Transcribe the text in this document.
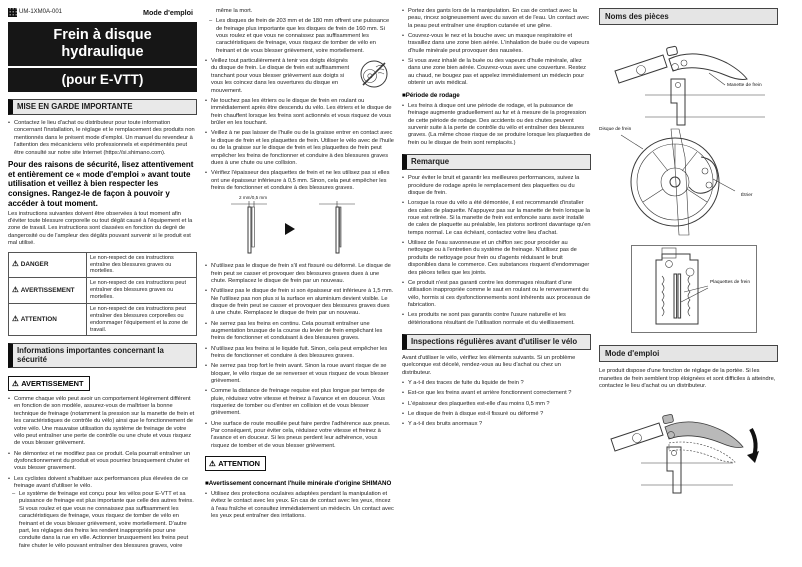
UM-1XM0A-001	Mode d'emploi
Frein à disque
hydraulique
(pour E-VTT)
MISE EN GARDE IMPORTANTE
• Contactez le lieu d'achat ou distributeur pour toute information concernant l'installation, le réglage et le remplacement des produits non mentionnés dans le présent mode d'emploi. Un manuel du revendeur à l'attention des mécaniciens vélo professionnels et expérimentés peut être consulté sur notre site Internet (https://si.shimano.com).
Pour des raisons de sécurité, lisez attentivement et entièrement ce « mode d'emploi » avant toute utilisation et veillez à bien respecter les consignes. Rangez-le de façon à pouvoir y accéder à tout moment.
Les instructions suivantes doivent être observées à tout moment afin d'éviter toute blessure corporelle ou tout dégât causé à l'équipement et la zone de travail. Les instructions sont classées en fonction du degré de dangerosité ou de l'ampleur des dégâts pouvant survenir si le produit est mal utilisé.
⚠ DANGER	Le non-respect de ces instructions entraîne des blessures graves ou mortelles.
⚠ AVERTISSEMENT	Le non-respect de ces instructions peut entraîner des blessures graves ou mortelles.
⚠ ATTENTION	Le non-respect de ces instructions peut entraîner des blessures corporelles ou endommager l'équipement et la zone de travail.
Informations importantes concernant la sécurité
⚠ AVERTISSEMENT
• Comme chaque vélo peut avoir un comportement légèrement différent en fonction de son modèle, assurez-vous de maîtriser la bonne technique de freinage (notamment la pression sur la manette de frein et les caractéristiques de contrôle du vélo) ainsi que le fonctionnement de votre vélo. Une mauvaise utilisation du système de freinage de votre vélo peut entraîner une perte de contrôle ou une chute et vous risquez de vous blesser grièvement.
• Ne démontez et ne modifiez pas ce produit. Cela pourrait entraîner un dysfonctionnement du produit et vous pourriez brusquement chuter et vous blesser gravement.
• Les cyclistes doivent s'habituer aux performances plus élevées de ce freinage avant d'utiliser le vélo.
– Le système de freinage est conçu pour les vélos pour E-VTT et sa puissance de freinage est plus importante que celle des autres freins. Si vous roulez et que vous ne connaissez pas suffisamment les caractéristiques de freinage, vous risquez de tomber de vélo en freinant et de vous blesser grièvement, voire mortellement. D'autre part, les réglages des freins les rendent inappropriés pour une conduite dans la rue en ville. Actionner brusquement les freins peut faire chuter le vélo pouvant entraîner des blessures graves, voire
même la mort.
– Les disques de frein de 203 mm et de 180 mm offrent une puissance de freinage plus importante que les disques de frein de 160 mm. Si vous roulez et que vous ne connaissez pas suffisamment les caractéristiques de freinage, vous risquez de tomber de vélo en freinant et de vous blesser grièvement, voire mortellement.
• Veillez tout particulièrement à tenir vos doigts éloignés du disque de frein. Le disque de frein est suffisamment tranchant pour vous blesser grièvement aux doigts si vous les coincez dans les ouvertures du disque en mouvement.
• Ne touchez pas les étriers ou le disque de frein en roulant ou immédiatement après être descendu du vélo. Les étriers et le disque de frein chauffent lorsque les freins sont actionnés et vous risquez de vous brûler en les touchant.
• Veillez à ne pas laisser de l'huile ou de la graisse entrer en contact avec le disque de frein et les plaquettes de frein. Utiliser le vélo avec de l'huile ou de la graisse sur le disque de frein et les plaquettes de frein peut empêcher les freins de fonctionner et conduire à des blessures graves dues à une chute ou une collision.
• Vérifiez l'épaisseur des plaquettes de frein et ne les utilisez pas si elles ont une épaisseur inférieure à 0,5 mm. Sinon, cela peut empêcher les freins de fonctionner et conduire à des blessures graves.
2 mm/0,5 mm
• N'utilisez pas le disque de frein s'il est fissuré ou déformé. Le disque de frein peut se casser et provoquer des blessures graves dues à une chute. Remplacez le disque de frein par un nouveau.
• N'utilisez pas le disque de frein si son épaisseur est inférieure à 1,5 mm. Ne l'utilisez pas non plus si la surface en aluminium devient visible. Le disque de frein peut se casser et provoquer des blessures graves dues à une chute. Remplacez le disque de frein par un nouveau.
• Ne serrez pas les freins en continu. Cela pourrait entraîner une augmentation brusque de la course du levier de frein empêchant les freins de fonctionner et conduisant à des blessures graves.
• N'utilisez pas les freins si le liquide fuit. Sinon, cela peut empêcher les freins de fonctionner et conduire à des blessures graves.
• Ne serrez pas trop fort le frein avant. Sinon la roue avant risque de se bloquer, le vélo risque de se renverser et vous risquez de vous blesser grièvement.
• Comme la distance de freinage requise est plus longue par temps de pluie, réduisez votre vitesse et freinez à l'avance et en douceur. Vous risqueriez de tomber ou d'entrer en collision et de vous blesser grièvement.
• Une surface de route mouillée peut faire perdre l'adhérence aux pneus. Par conséquent, pour éviter cela, réduisez votre vitesse et freinez à l'avance et en douceur. Si les pneus perdent leur adhérence, vous risquez de tomber et de vous blesser grièvement.
⚠ ATTENTION
■Avertissement concernant l'huile minérale d'origine SHIMANO
• Utilisez des protections oculaires adaptées pendant la manipulation et évitez le contact avec les yeux. En cas de contact avec les yeux, rincez à l'eau fraîche et consultez immédiatement un médecin. Un contact avec les yeux peut entraîner des irritations.
• Portez des gants lors de la manipulation. En cas de contact avec la peau, rincez soigneusement avec du savon et de l'eau. Un contact avec la peau peut entraîner une éruption cutanée et une gêne.
• Couvrez-vous le nez et la bouche avec un masque respiratoire et travaillez dans une zone bien aérée. L'inhalation de buée ou de vapeurs d'huile minérale peut provoquer des nausées.
• Si vous avez inhalé de la buée ou des vapeurs d'huile minérale, allez dans une zone bien aérée. Couvrez-vous avec une couverture. Restez au chaud, ne bougez pas et appelez immédiatement un médecin pour obtenir un avis médical.
■Période de rodage
• Les freins à disque ont une période de rodage, et la puissance de freinage augmente graduellement au fur et à mesure de la progression de cette période de rodage. Des accidents ou des chutes peuvent survenir suite à la perte de contrôle du vélo et entraîner des blessures graves. (La même chose risque de se produire lorsque les plaquettes de frein ou le disque de frein sont remplacés.)
Remarque
• Pour éviter le bruit et garantir les meilleures performances, suivez la procédure de rodage après le remplacement des plaquettes ou du disque de frein.
• Lorsque la roue du vélo a été démontée, il est recommandé d'installer des cales de plaquette. N'appuyez pas sur la manette de frein lorsque la roue est retirée. Si la manette de frein est enfoncée sans avoir installé de cales de plaquette au préalable, les pistons sortiront davantage qu'en temps normal. Le cas échéant, contactez votre lieu d'achat.
• Utilisez de l'eau savonneuse et un chiffon sec pour procéder au nettoyage ou à l'entretien du système de freinage. N'utilisez pas de produits de nettoyage pour frein ou d'agents réduisant le bruit disponibles dans le commerce. Ces substances risquent d'endommager des pièces telles que les joints.
• Ce produit n'est pas garanti contre les dommages résultant d'une utilisation inappropriée comme le saut en roulant ou le renversement du vélo, hormis si ces dysfonctionnements sont inhérents aux processus de fabrication.
• Les produits ne sont pas garantis contre l'usure naturelle et les détériorations résultant de l'utilisation normale et du vieillissement.
Inspections régulières avant d'utiliser le vélo
Avant d'utiliser le vélo, vérifiez les éléments suivants. Si un problème quelconque est décelé, rendez-vous au lieu d'achat ou chez un distributeur.
• Y a-t-il des traces de fuite du liquide de frein ?
• Est-ce que les freins avant et arrière fonctionnent correctement ?
• L'épaisseur des plaquettes est-elle d'au moins 0,5 mm ?
• Le disque de frein à disque est-il fissuré ou déformé ?
• Y a-t-il des bruits anormaux ?
Noms des pièces
Manette de frein
Disque de frein
Étrier
Plaquettes de frein
Mode d'emploi
Le produit dispose d'une fonction de réglage de la portée. Si les manettes de frein semblent trop éloignées et sont difficiles à atteindre, contactez le lieu d'achat ou un distributeur.
